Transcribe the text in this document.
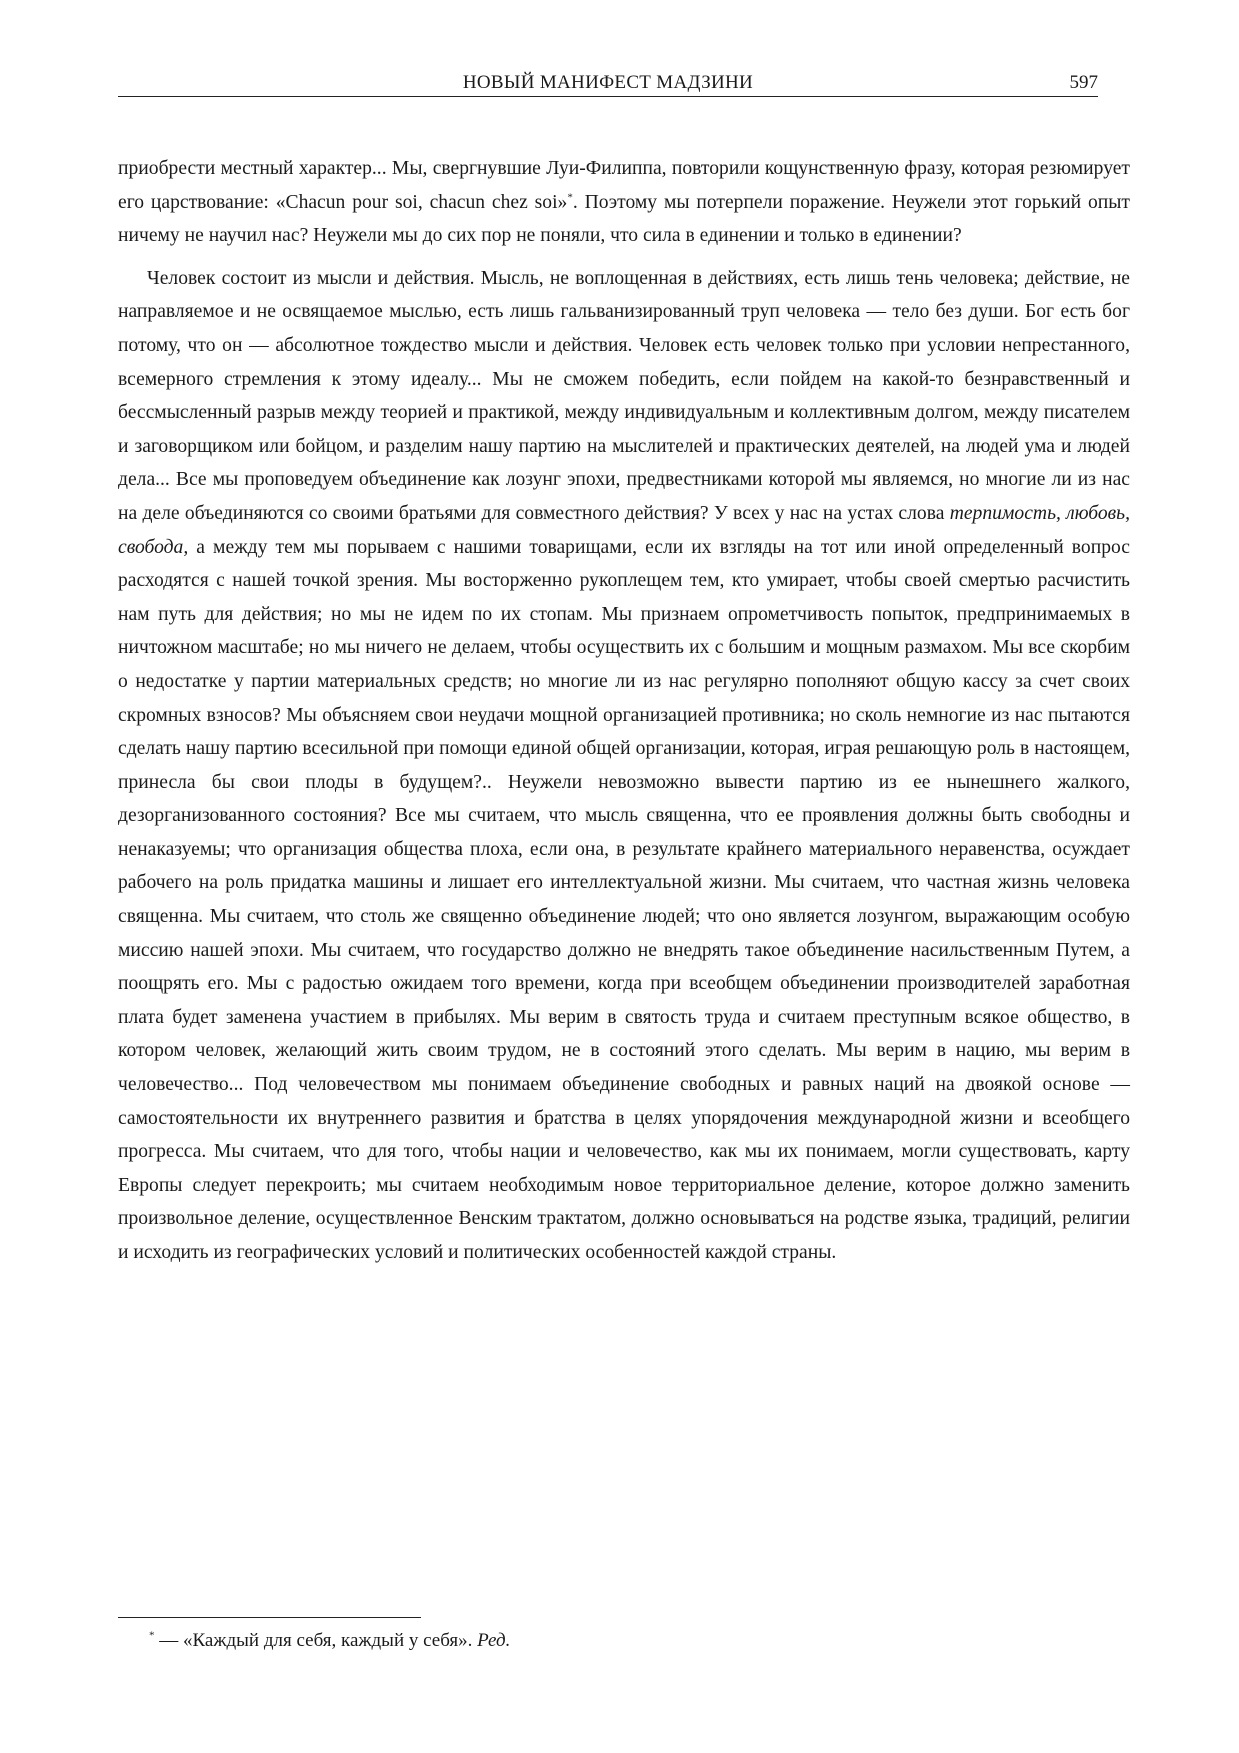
НОВЫЙ МАНИФЕСТ МАДЗИНИ	597

приобрести местный характер... Мы, свергнувшие Луи-Филиппа, повторили кощунственную фразу, которая резюмирует его царствование: «Chacun pour soi, chacun chez soi»*. Поэтому мы потерпели поражение. Неужели этот горький опыт ничему не научил нас? Неужели мы до сих пор не поняли, что сила в единении и только в единении?

Человек состоит из мысли и действия. Мысль, не воплощенная в действиях, есть лишь тень человека; действие, не направляемое и не освящаемое мыслью, есть лишь гальванизированный труп человека — тело без души. Бог есть бог потому, что он — абсолютное тождество мысли и действия. Человек есть человек только при условии непрестанного, всемерного стремления к этому идеалу... Мы не сможем победить, если пойдем на какой-то безнравственный и бессмысленный разрыв между теорией и практикой, между индивидуальным и коллективным долгом, между писателем и заговорщиком или бойцом, и разделим нашу партию на мыслителей и практических деятелей, на людей ума и людей дела... Все мы проповедуем объединение как лозунг эпохи, предвестниками которой мы являемся, но многие ли из нас на деле объединяются со своими братьями для совместного действия? У всех у нас на устах слова терпимость, любовь, свобода, а между тем мы порываем с нашими товарищами, если их взгляды на тот или иной определенный вопрос расходятся с нашей точкой зрения. Мы восторженно рукоплещем тем, кто умирает, чтобы своей смертью расчистить нам путь для действия; но мы не идем по их стопам. Мы признаем опрометчивость попыток, предпринимаемых в ничтожном масштабе; но мы ничего не делаем, чтобы осуществить их с большим и мощным размахом. Мы все скорбим о недостатке у партии материальных средств; но многие ли из нас регулярно пополняют общую кассу за счет своих скромных взносов? Мы объясняем свои неудачи мощной организацией противника; но сколь немногие из нас пытаются сделать нашу партию всесильной при помощи единой общей организации, которая, играя решающую роль в настоящем, принесла бы свои плоды в будущем?.. Неужели невозможно вывести партию из ее нынешнего жалкого, дезорганизованного состояния? Все мы считаем, что мысль священна, что ее проявления должны быть свободны и ненаказуемы; что организация общества плоха, если она, в результате крайнего материального неравенства, осуждает рабочего на роль придатка машины и лишает его интеллектуальной жизни. Мы считаем, что частная жизнь человека священна. Мы считаем, что столь же священно объединение людей; что оно является лозунгом, выражающим особую миссию нашей эпохи. Мы считаем, что государство должно не внедрять такое объединение насильственным Путем, а поощрять его. Мы с радостью ожидаем того времени, когда при всеобщем объединении производителей заработная плата будет заменена участием в прибылях. Мы верим в святость труда и считаем преступным всякое общество, в котором человек, желающий жить своим трудом, не в состояний этого сделать. Мы верим в нацию, мы верим в человечество... Под человечеством мы понимаем объединение свободных и равных наций на двоякой основе — самостоятельности их внутреннего развития и братства в целях упорядочения международной жизни и всеобщего прогресса. Мы считаем, что для того, чтобы нации и человечество, как мы их понимаем, могли существовать, карту Европы следует перекроить; мы считаем необходимым новое территориальное деление, которое должно заменить произвольное деление, осуществленное Венским трактатом, должно основываться на родстве языка, традиций, религии и исходить из географических условий и политических особенностей каждой страны.

* — «Каждый для себя, каждый у себя». Ред.
